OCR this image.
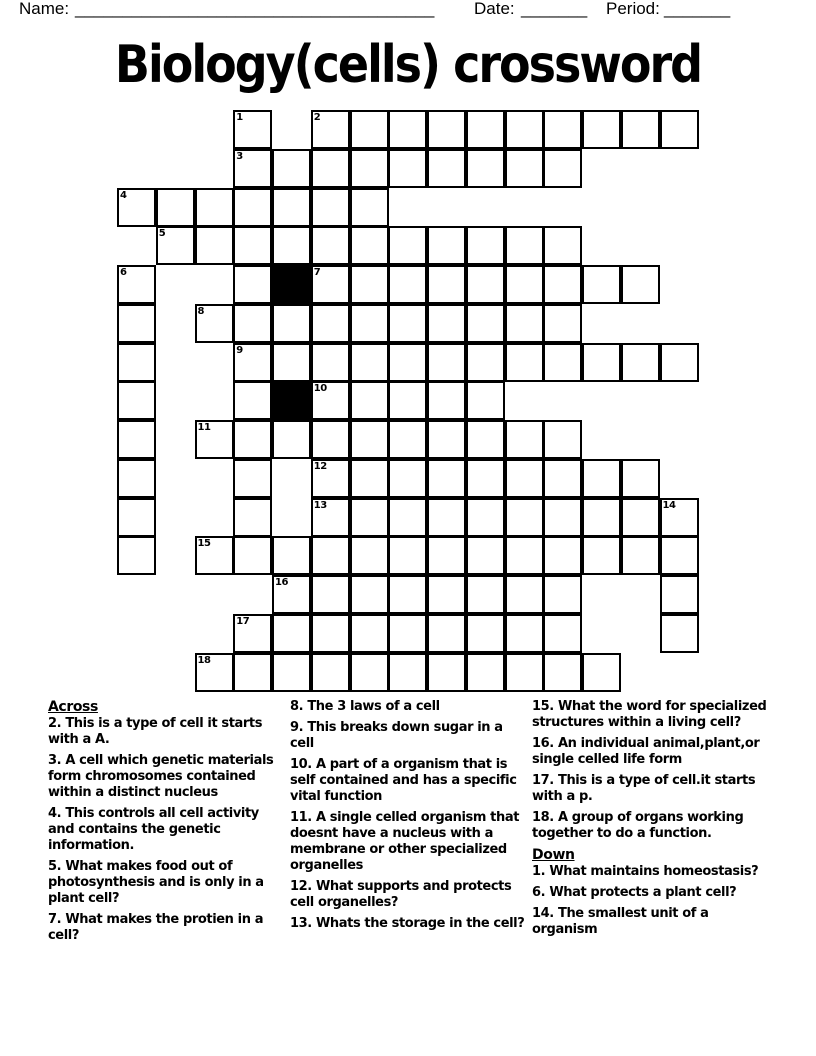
Name: ______________________________________ Date: _______ Period: _______
Biology(cells) crossword
1	2
3
4
5
6	7
8
9
10
11
12
13	14
15
16
17
18
Across
2. This is a type of cell it starts with a A.
3. A cell which genetic materials form chromosomes contained within a distinct nucleus
4. This controls all cell activity and contains the genetic information.
5. What makes food out of photosynthesis and is only in a plant cell?
7. What makes the protien in a cell?
8. The 3 laws of a cell
9. This breaks down sugar in a cell
10. A part of a organism that is self contained and has a specific vital function
11. A single celled organism that doesnt have a nucleus with a membrane or other specialized organelles
12. What supports and protects cell organelles?
13. Whats the storage in the cell?
15. What the word for specialized structures within a living cell?
16. An individual animal,plant,or single celled life form
17. This is a type of cell.it starts with a p.
18. A group of organs working together to do a function.
Down
1. What maintains homeostasis?
6. What protects a plant cell?
14. The smallest unit of a organism
